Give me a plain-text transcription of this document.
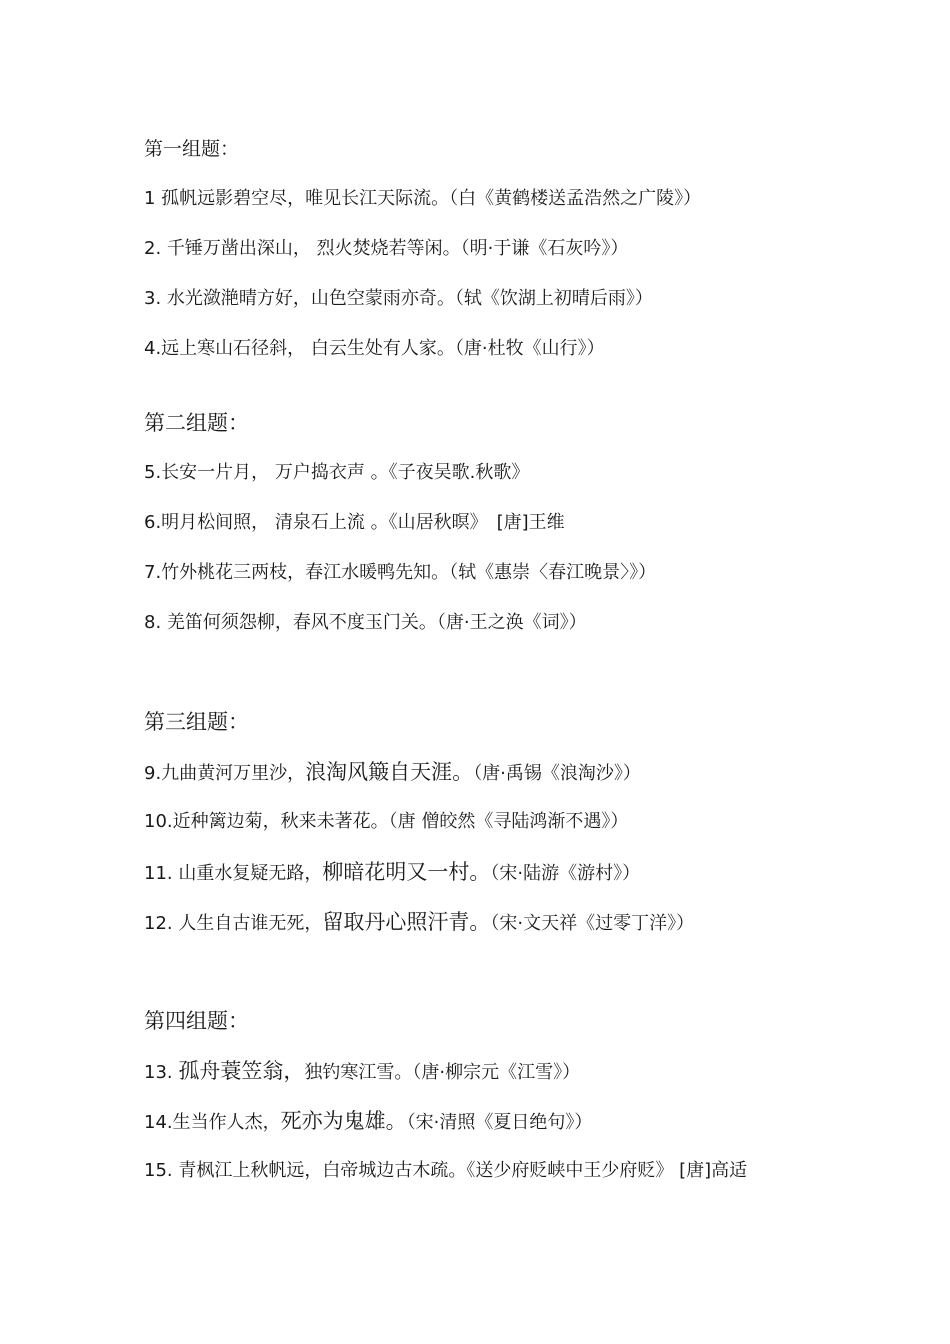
第一组题：
1 孤帆远影碧空尽，唯见长江天际流。（白《黄鹤楼送孟浩然之广陵》）
2. 千锤万凿出深山， 烈火焚烧若等闲。（明·于谦《石灰吟》）
3. 水光潋滟晴方好，山色空蒙雨亦奇。（轼《饮湖上初晴后雨》）
4.远上寒山石径斜， 白云生处有人家。（唐·杜牧《山行》）
第二组题：
5.长安一片月， 万户捣衣声 。《子夜吴歌.秋歌》
6.明月松间照， 清泉石上流 。《山居秋暝》　[唐]王维
7.竹外桃花三两枝，春江水暖鸭先知。（轼《惠崇〈春江晚景〉》）
8. 羌笛何须怨柳，春风不度玉门关。（唐·王之涣《词》）
第三组题：
9.九曲黄河万里沙，浪淘风簸自天涯。（唐·禹锡《浪淘沙》）
10.近种篱边菊，秋来未著花。（唐 僧皎然《寻陆鸿渐不遇》）
11. 山重水复疑无路，柳暗花明又一村。（宋·陆游《游村》）
12. 人生自古谁无死，留取丹心照汗青。（宋·文天祥《过零丁洋》）
第四组题：
13. 孤舟蓑笠翁，独钓寒江雪。（唐·柳宗元《江雪》）
14.生当作人杰，死亦为鬼雄。（宋·清照《夏日绝句》）
15. 青枫江上秋帆远，白帝城边古木疏。《送少府贬峡中王少府贬》 [唐]高适
